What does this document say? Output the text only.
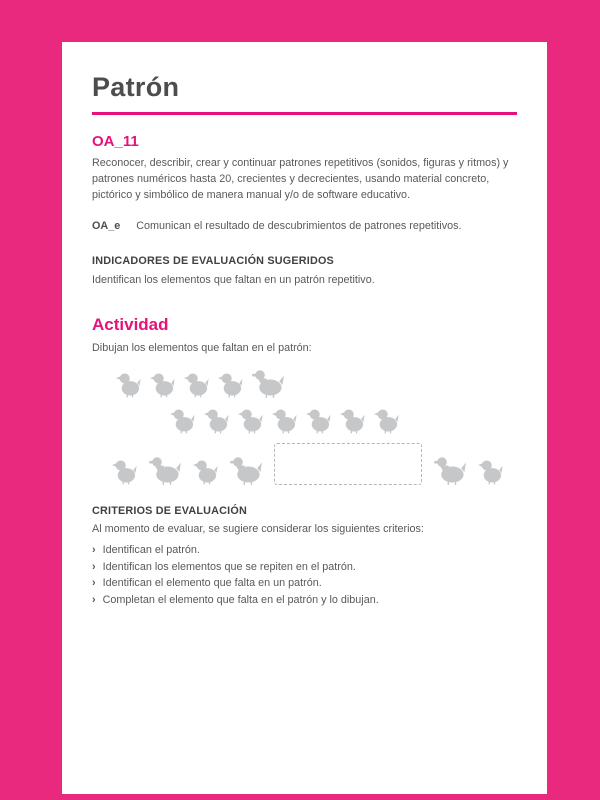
Patrón
OA_11

Reconocer, describir, crear y continuar patrones repetitivos (sonidos, figuras y ritmos) y patrones numéricos hasta 20, crecientes y decrecientes, usando material concreto, pictórico y simbólico de manera manual y/o de software educativo.

OA_e Comunican el resultado de descubrimientos de patrones repetitivos.

INDICADORES DE EVALUACIÓN SUGERIDOS

Identifican los elementos que faltan en un patrón repetitivo.

Actividad

Dibujan los elementos que faltan en el patrón:

CRITERIOS DE EVALUACIÓN

Al momento de evaluar, se sugiere considerar los siguientes criterios:

› Identifican el patrón.
› Identifican los elementos que se repiten en el patrón.
› Identifican el elemento que falta en un patrón.
› Completan el elemento que falta en el patrón y lo dibujan.
